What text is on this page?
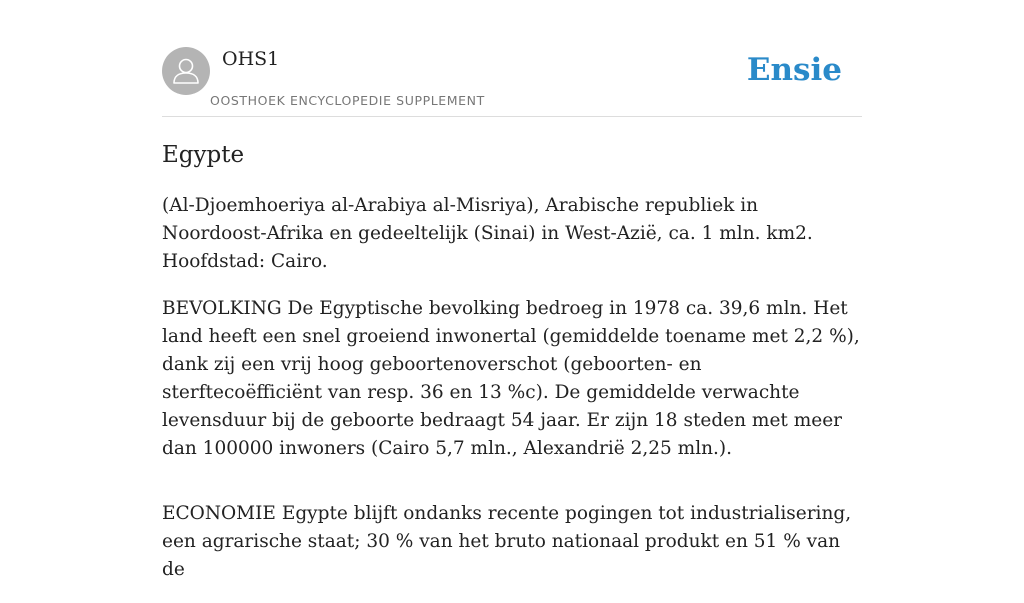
OHS1
OOSTHOEK ENCYCLOPEDIE SUPPLEMENT
Ensie
Egypte

(Al-Djoemhoeriya al-Arabiya al-Misriya), Arabische republiek in Noordoost-Afrika en gedeeltelijk (Sinai) in West-Azië, ca. 1 mln. km2. Hoofdstad: Cairo.

BEVOLKING De Egyptische bevolking bedroeg in 1978 ca. 39,6 mln. Het land heeft een snel groeiend inwonertal (gemiddelde toename met 2,2 %), dank zij een vrij hoog geboortenoverschot (geboorten- en sterftecoëfficiënt van resp. 36 en 13 %c). De gemiddelde verwachte levensduur bij de geboorte bedraagt 54 jaar. Er zijn 18 steden met meer dan 100000 inwoners (Cairo 5,7 mln., Alexandrië 2,25 mln.).

ECONOMIE Egypte blijft ondanks recente pogingen tot industrialisering, een agrarische staat; 30 % van het bruto nationaal produkt en 51 % van de
